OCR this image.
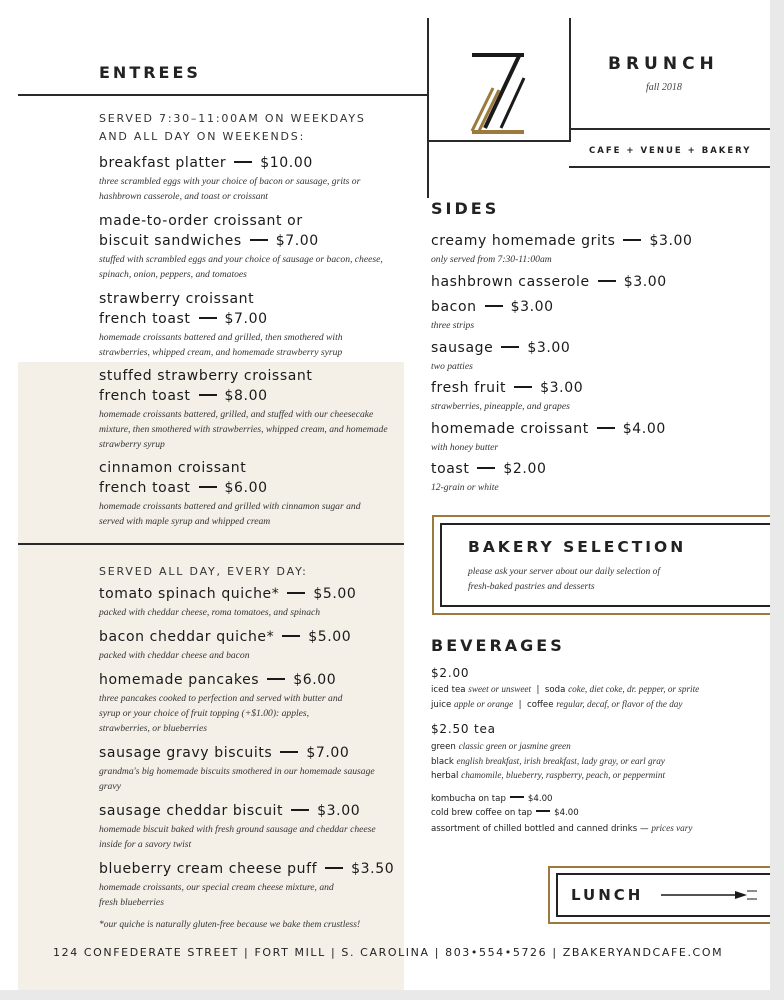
ENTREES	BRUNCH
fall 2018
CAFE + VENUE + BAKERY
SERVED 7:30–11:00AM ON WEEKDAYS
AND ALL DAY ON WEEKENDS:
breakfast platter $10.00
three scrambled eggs with your choice of bacon or sausage, grits or hashbrown casserole, and toast or croissant
made-to-order croissant or
biscuit sandwiches $7.00
stuffed with scrambled eggs and your choice of sausage or bacon, cheese, spinach, onion, peppers, and tomatoes
strawberry croissant
french toast $7.00
homemade croissants battered and grilled, then smothered with strawberries, whipped cream, and homemade strawberry syrup
stuffed strawberry croissant
french toast $8.00
homemade croissants battered, grilled, and stuffed with our cheesecake mixture, then smothered with strawberries, whipped cream, and homemade strawberry syrup
cinnamon croissant
french toast $6.00
homemade croissants battered and grilled with cinnamon sugar and served with maple syrup and whipped cream
SERVED ALL DAY, EVERY DAY:
tomato spinach quiche* $5.00
packed with cheddar cheese, roma tomatoes, and spinach
bacon cheddar quiche* $5.00
packed with cheddar cheese and bacon
homemade pancakes $6.00
three pancakes cooked to perfection and served with butter and syrup or your choice of fruit topping (+$1.00): apples, strawberries, or blueberries
sausage gravy biscuits $7.00
grandma's big homemade biscuits smothered in our homemade sausage gravy
sausage cheddar biscuit $3.00
homemade biscuit baked with fresh ground sausage and cheddar cheese inside for a savory twist
blueberry cream cheese puff $3.50
homemade croissants, our special cream cheese mixture, and fresh blueberries
*our quiche is naturally gluten-free because we bake them crustless!
SIDES
creamy homemade grits $3.00
only served from 7:30-11:00am
hashbrown casserole $3.00
bacon $3.00
three strips
sausage $3.00
two patties
fresh fruit $3.00
strawberries, pineapple, and grapes
homemade croissant $4.00
with honey butter
toast $2.00
12-grain or white
BAKERY SELECTION
please ask your server about our daily selection of
fresh-baked pastries and desserts
BEVERAGES
$2.00
iced tea sweet or unsweet | soda coke, diet coke, dr. pepper, or sprite
juice apple or orange | coffee regular, decaf, or flavor of the day
$2.50 tea
green classic green or jasmine green
black english breakfast, irish breakfast, lady gray, or earl gray
herbal chamomile, blueberry, raspberry, peach, or peppermint
kombucha on tap	$4.00
cold brew coffee on tap	$4.00
assortment of chilled bottled and canned drinks — prices vary
LUNCH
124 CONFEDERATE STREET | FORT MILL | S. CAROLINA | 803•554•5726 | ZBAKERYANDCAFE.COM
